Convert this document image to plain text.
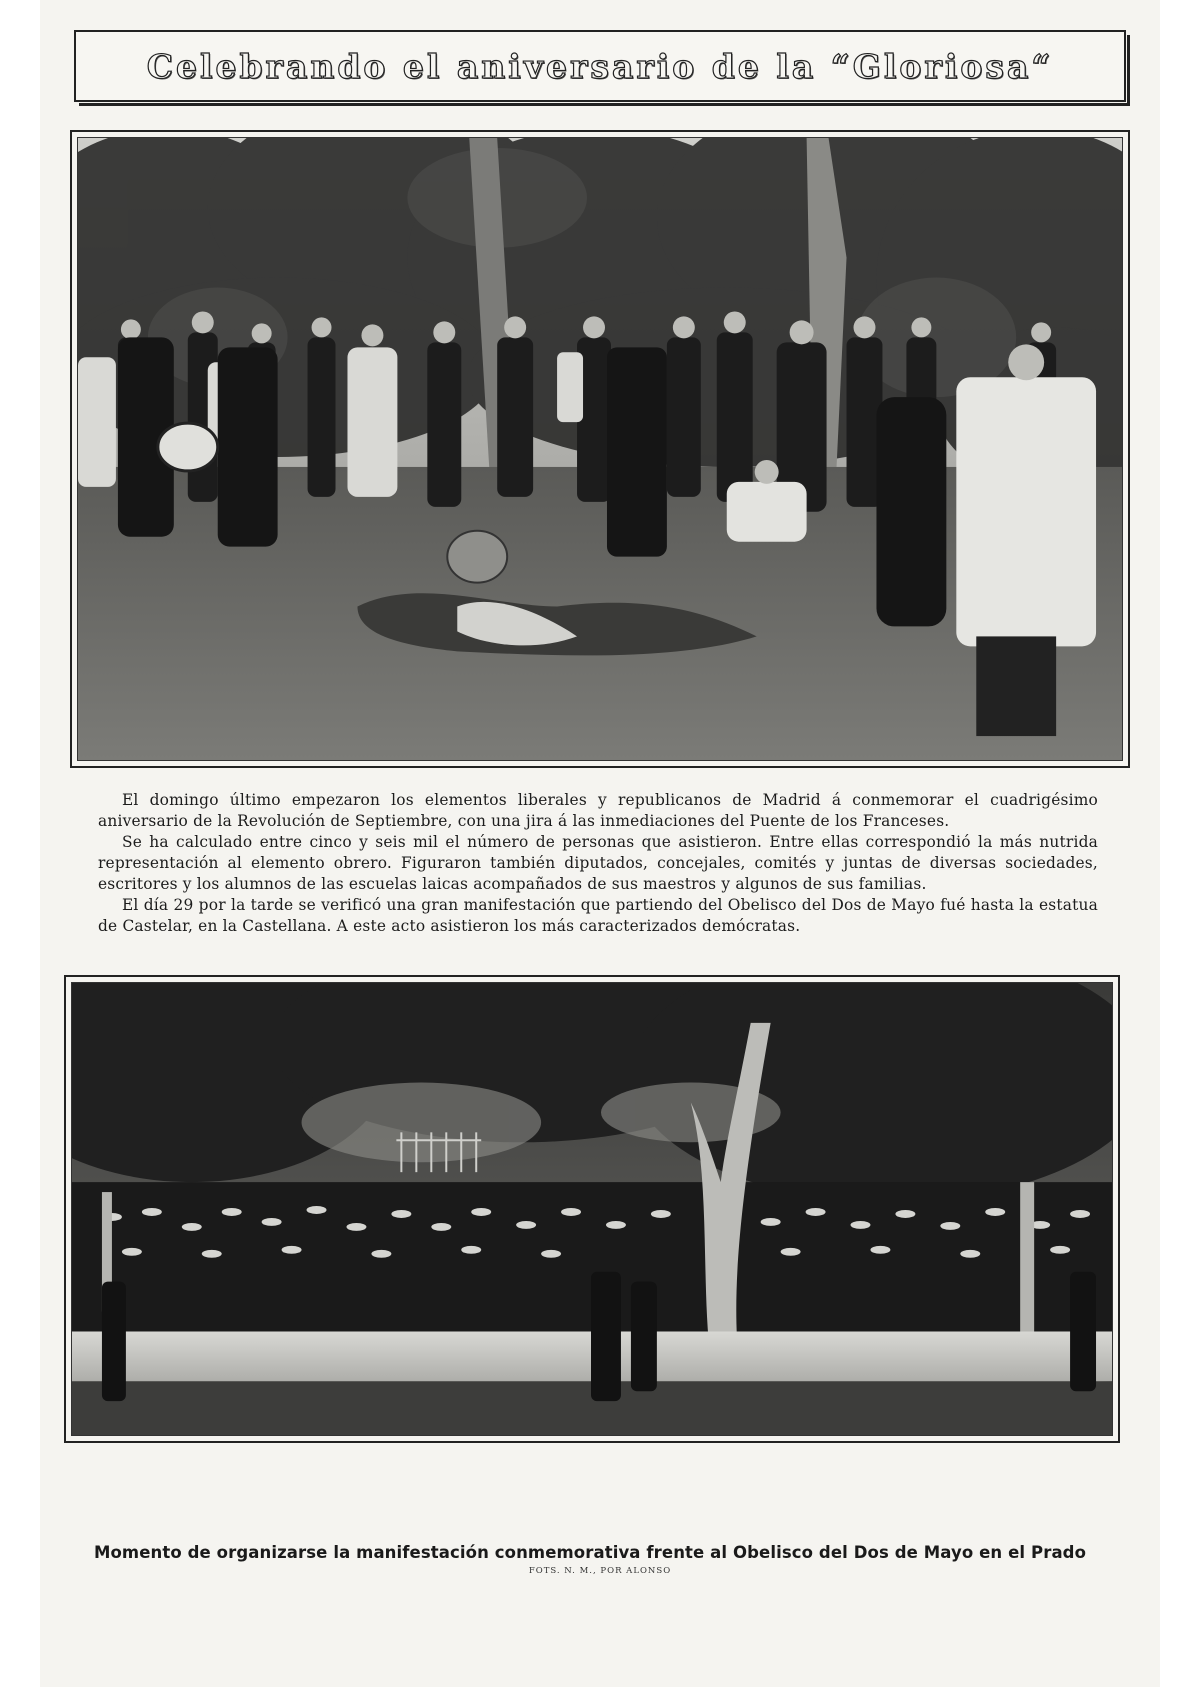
Celebrando el aniversario de la “Gloriosa“

El domingo último empezaron los elementos liberales y republicanos de Madrid á conmemorar el cuadrigésimo aniversario de la Revolución de Septiembre, con una jira á las inmediaciones del Puente de los Franceses.

Se ha calculado entre cinco y seis mil el número de personas que asistieron. Entre ellas correspondió la más nutrida representación al elemento obrero. Figuraron también diputados, concejales, comités y juntas de diversas sociedades, escritores y los alumnos de las escuelas laicas acompañados de sus maestros y algunos de sus familias.

El día 29 por la tarde se verificó una gran manifestación que partiendo del Obelisco del Dos de Mayo fué hasta la estatua de Castelar, en la Castellana. A este acto asistieron los más caracterizados demócratas.

Momento de organizarse la manifestación conmemorativa frente al Obelisco del Dos de Mayo en el Prado
FOTS. N. M., POR ALONSO
